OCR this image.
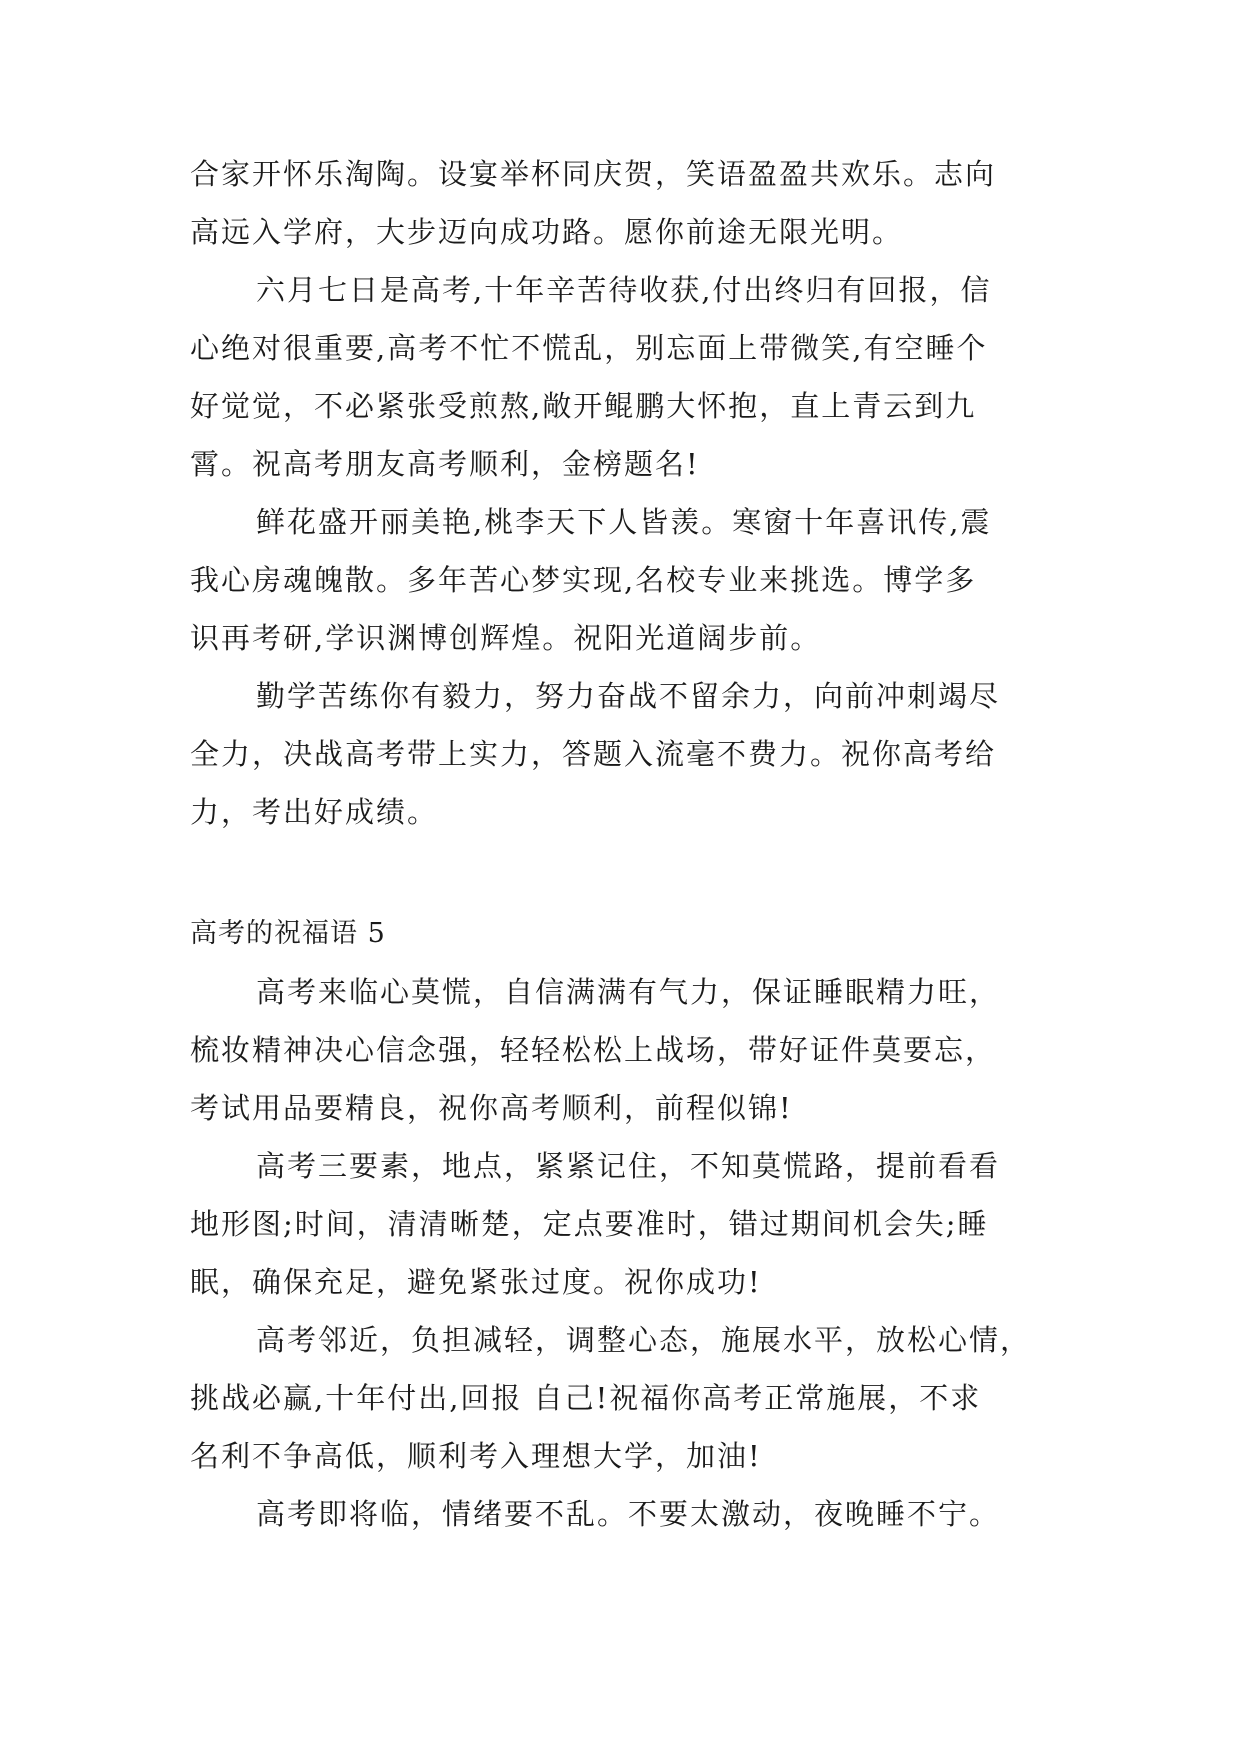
合家开怀乐淘陶。设宴举杯同庆贺，笑语盈盈共欢乐。志向
高远入学府，大步迈向成功路。愿你前途无限光明。
六月七日是高考,十年辛苦待收获,付出终归有回报，信
心绝对很重要,高考不忙不慌乱，别忘面上带微笑,有空睡个
好觉觉，不必紧张受煎熬,敞开鲲鹏大怀抱，直上青云到九
霄。祝高考朋友高考顺利，金榜题名!
鲜花盛开丽美艳,桃李天下人皆羡。寒窗十年喜讯传,震
我心房魂魄散。多年苦心梦实现,名校专业来挑选。博学多
识再考研,学识渊博创辉煌。祝阳光道阔步前。
勤学苦练你有毅力，努力奋战不留余力，向前冲刺竭尽
全力，决战高考带上实力，答题入流毫不费力。祝你高考给
力，考出好成绩。
高考的祝福语 5
高考来临心莫慌，自信满满有气力，保证睡眠精力旺，
梳妆精神决心信念强，轻轻松松上战场，带好证件莫要忘，
考试用品要精良，祝你高考顺利，前程似锦!
高考三要素，地点，紧紧记住，不知莫慌路，提前看看
地形图;时间，清清晰楚，定点要准时，错过期间机会失;睡
眠，确保充足，避免紧张过度。祝你成功!
高考邻近，负担减轻，调整心态，施展水平，放松心情，
挑战必赢,十年付出,回报 自己!祝福你高考正常施展，不求
名利不争高低，顺利考入理想大学，加油!
高考即将临，情绪要不乱。不要太激动，夜晚睡不宁。
